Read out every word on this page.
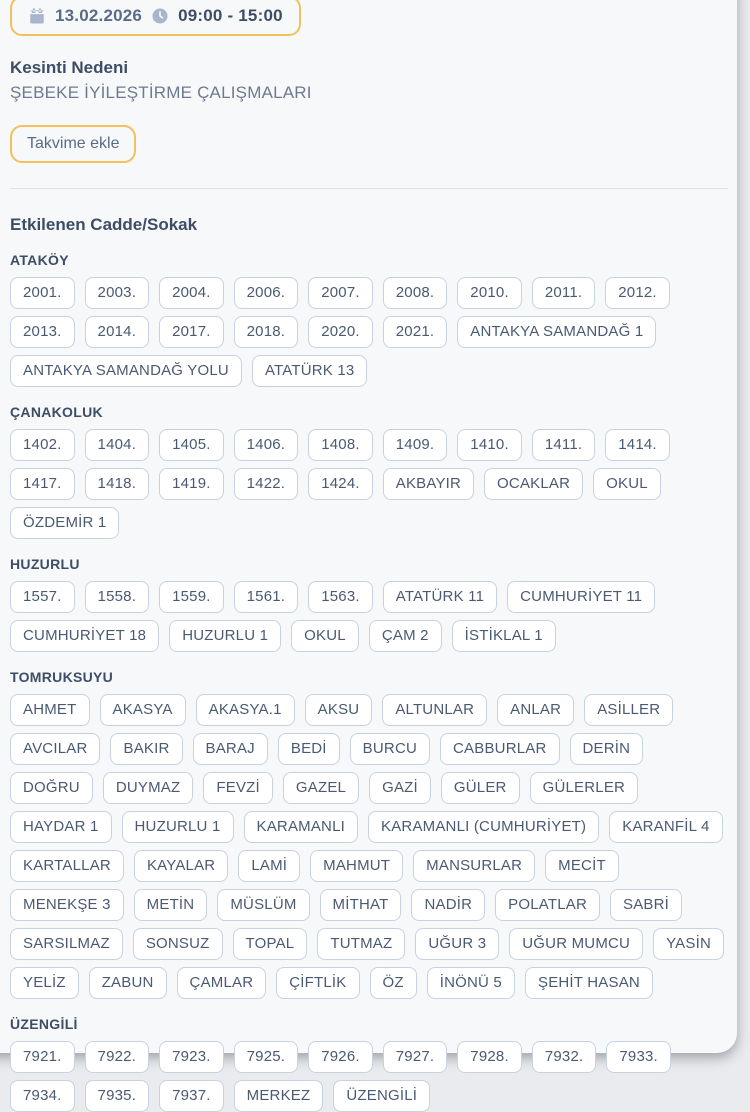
13.02.2026 09:00 - 15:00
Kesinti Nedeni
ŞEBEKE İYİLEŞTİRME ÇALIŞMALARI
Takvime ekle
Etkilenen Cadde/Sokak
ATAKÖY
2001.	2003.	2004.	2006.	2007.	2008.	2010.	2011.	2012.
2013.	2014.	2017.	2018.	2020.	2021.	ANTAKYA SAMANDAĞ 1
ANTAKYA SAMANDAĞ YOLU	ATATÜRK 13
ÇANAKOLUK
1402.	1404.	1405.	1406.	1408.	1409.	1410.	1411.	1414.
1417.	1418.	1419.	1422.	1424.	AKBAYIR	OCAKLAR	OKUL
ÖZDEMİR 1
HUZURLU
1557.	1558.	1559.	1561.	1563.	ATATÜRK 11	CUMHURİYET 11
CUMHURİYET 18	HUZURLU 1	OKUL	ÇAM 2	İSTİKLAL 1
TOMRUKSUYU
AHMET	AKASYA	AKASYA.1	AKSU	ALTUNLAR	ANLAR	ASİLLER
AVCILAR	BAKIR	BARAJ	BEDİ	BURCU	CABBURLAR	DERİN
DOĞRU	DUYMAZ	FEVZİ	GAZEL	GAZİ	GÜLER	GÜLERLER
HAYDAR 1	HUZURLU 1	KARAMANLI	KARAMANLI (CUMHURİYET)	KARANFİL 4
KARTALLAR	KAYALAR	LAMİ	MAHMUT	MANSURLAR	MECİT
MENEKŞE 3	METİN	MÜSLÜM	MİTHAT	NADİR	POLATLAR	SABRİ
SARSILMAZ	SONSUZ	TOPAL	TUTMAZ	UĞUR 3	UĞUR MUMCU	YASİN
YELİZ	ZABUN	ÇAMLAR	ÇİFTLİK	ÖZ	İNÖNÜ 5	ŞEHİT HASAN
ÜZENGİLİ
7921.	7922.	7923.	7925.	7926.	7927.	7928.	7932.	7933.
7934.	7935.	7937.	MERKEZ	ÜZENGİLİ
